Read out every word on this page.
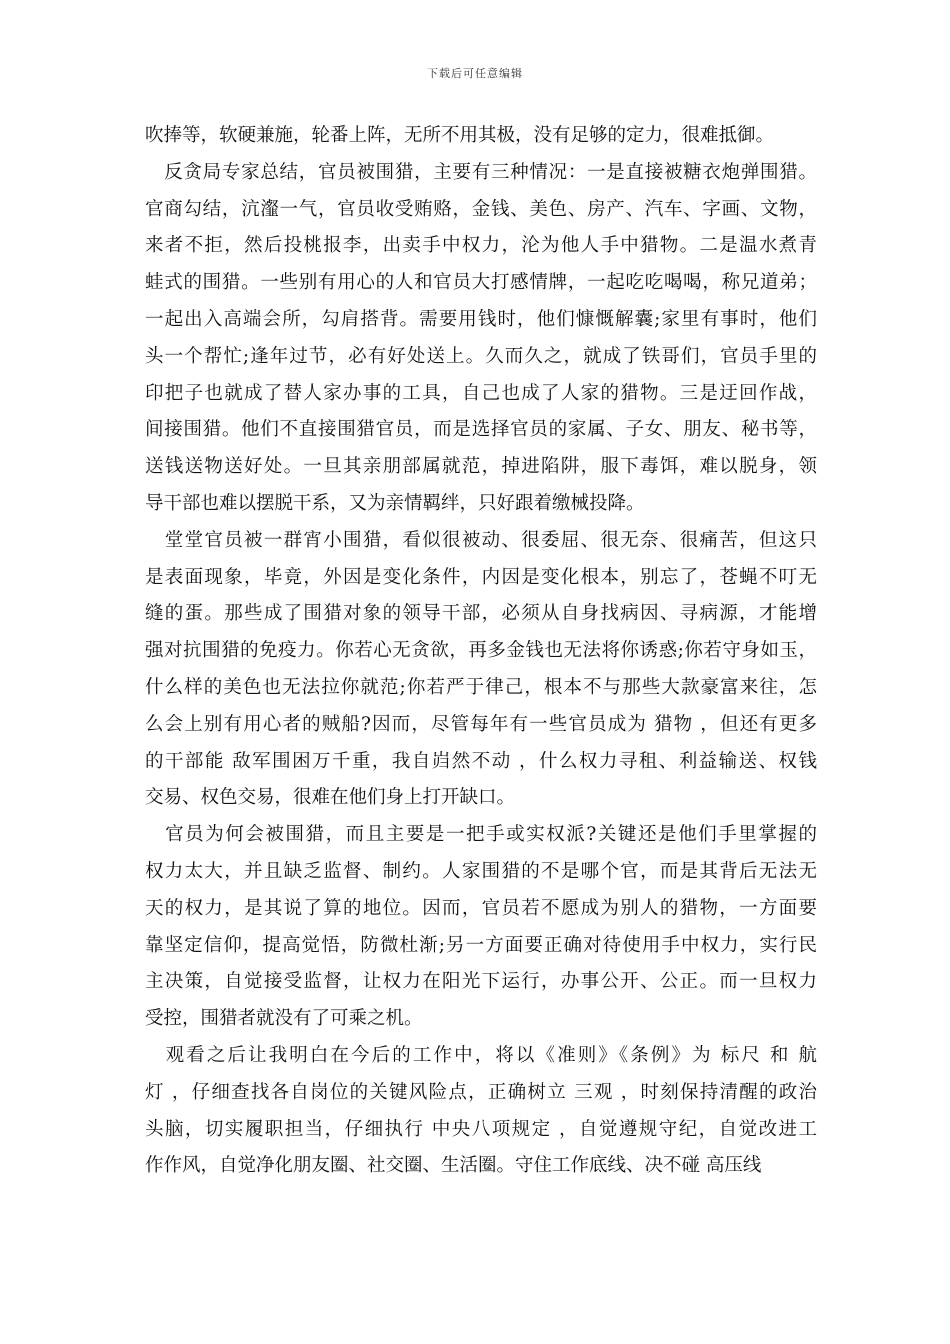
下载后可任意编辑
吹捧等，软硬兼施，轮番上阵，无所不用其极，没有足够的定力，很难抵御。
　反贪局专家总结，官员被围猎，主要有三种情况：一是直接被糖衣炮弹围猎。
官商勾结，沆瀣一气，官员收受贿赂，金钱、美色、房产、汽车、字画、文物，
来者不拒，然后投桃报李，出卖手中权力，沦为他人手中猎物。二是温水煮青
蛙式的围猎。一些别有用心的人和官员大打感情牌，一起吃吃喝喝，称兄道弟；
一起出入高端会所，勾肩搭背。需要用钱时，他们慷慨解囊;家里有事时，他们
头一个帮忙;逢年过节，必有好处送上。久而久之，就成了铁哥们，官员手里的
印把子也就成了替人家办事的工具，自己也成了人家的猎物。三是迂回作战，
间接围猎。他们不直接围猎官员，而是选择官员的家属、子女、朋友、秘书等，
送钱送物送好处。一旦其亲朋部属就范，掉进陷阱，服下毒饵，难以脱身，领
导干部也难以摆脱干系，又为亲情羁绊，只好跟着缴械投降。
　堂堂官员被一群宵小围猎，看似很被动、很委屈、很无奈、很痛苦，但这只
是表面现象，毕竟，外因是变化条件，内因是变化根本，别忘了，苍蝇不叮无
缝的蛋。那些成了围猎对象的领导干部，必须从自身找病因、寻病源，才能增
强对抗围猎的免疫力。你若心无贪欲，再多金钱也无法将你诱惑;你若守身如玉，
什么样的美色也无法拉你就范;你若严于律己，根本不与那些大款豪富来往，怎
么会上别有用心者的贼船?因而，尽管每年有一些官员成为 猎物 ，但还有更多
的干部能 敌军围困万千重，我自岿然不动 ，什么权力寻租、利益输送、权钱
交易、权色交易，很难在他们身上打开缺口。
　官员为何会被围猎，而且主要是一把手或实权派?关键还是他们手里掌握的
权力太大，并且缺乏监督、制约。人家围猎的不是哪个官，而是其背后无法无
天的权力，是其说了算的地位。因而，官员若不愿成为别人的猎物，一方面要
靠坚定信仰，提高觉悟，防微杜渐;另一方面要正确对待使用手中权力，实行民
主决策，自觉接受监督，让权力在阳光下运行，办事公开、公正。而一旦权力
受控，围猎者就没有了可乘之机。
　观看之后让我明白在今后的工作中，将以《准则》《条例》为 标尺 和 航
灯 ，仔细查找各自岗位的关键风险点，正确树立 三观 ，时刻保持清醒的政治
头脑，切实履职担当，仔细执行 中央八项规定 ，自觉遵规守纪，自觉改进工
作作风，自觉净化朋友圈、社交圈、生活圈。守住工作底线、决不碰 高压线
